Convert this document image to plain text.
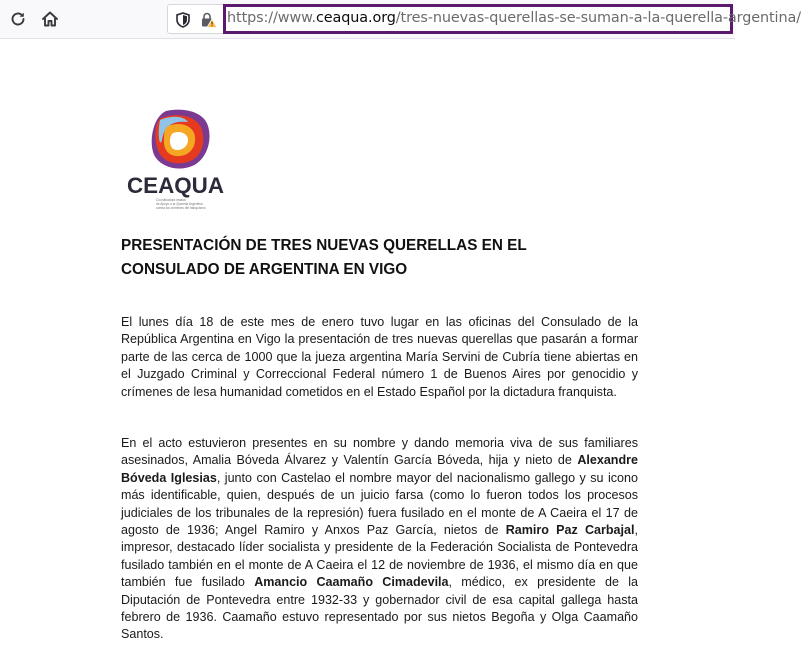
https://www.ceaqua.org/tres-nuevas-querellas-se-suman-a-la-querella-argentina/
CEAQUA
Coordinadora estatal
de Apoyo a la Querella Argentina
contra los crímenes del franquismo
PRESENTACIÓN DE TRES NUEVAS QUERELLAS EN EL
CONSULADO DE ARGENTINA EN VIGO
El lunes día 18 de este mes de enero tuvo lugar en las oficinas del Consulado de la República Argentina en Vigo la presentación de tres nuevas querellas que pasarán a formar parte de las cerca de 1000 que la jueza argentina María Servini de Cubría tiene abiertas en el Juzgado Criminal y Correccional Federal número 1 de Buenos Aires por genocidio y crímenes de lesa humanidad cometidos en el Estado Español por la dictadura franquista.
En el acto estuvieron presentes en su nombre y dando memoria viva de sus familiares asesinados, Amalia Bóveda Álvarez y Valentín García Bóveda, hija y nieto de Alexandre Bóveda Iglesias, junto con Castelao el nombre mayor del nacionalismo gallego y su icono más identificable, quien, después de un juicio farsa (como lo fueron todos los procesos judiciales de los tribunales de la represión) fuera fusilado en el monte de A Caeira el 17 de agosto de 1936; Angel Ramiro y Anxos Paz García, nietos de Ramiro Paz Carbajal, impresor, destacado líder socialista y presidente de la Federación Socialista de Pontevedra fusilado también en el monte de A Caeira el 12 de noviembre de 1936, el mismo día en que también fue fusilado Amancio Caamaño Cimadevila, médico, ex presidente de la Diputación de Pontevedra entre 1932-33 y gobernador civil de esa capital gallega hasta febrero de 1936. Caamaño estuvo representado por sus nietos Begoña y Olga Caamaño Santos.
